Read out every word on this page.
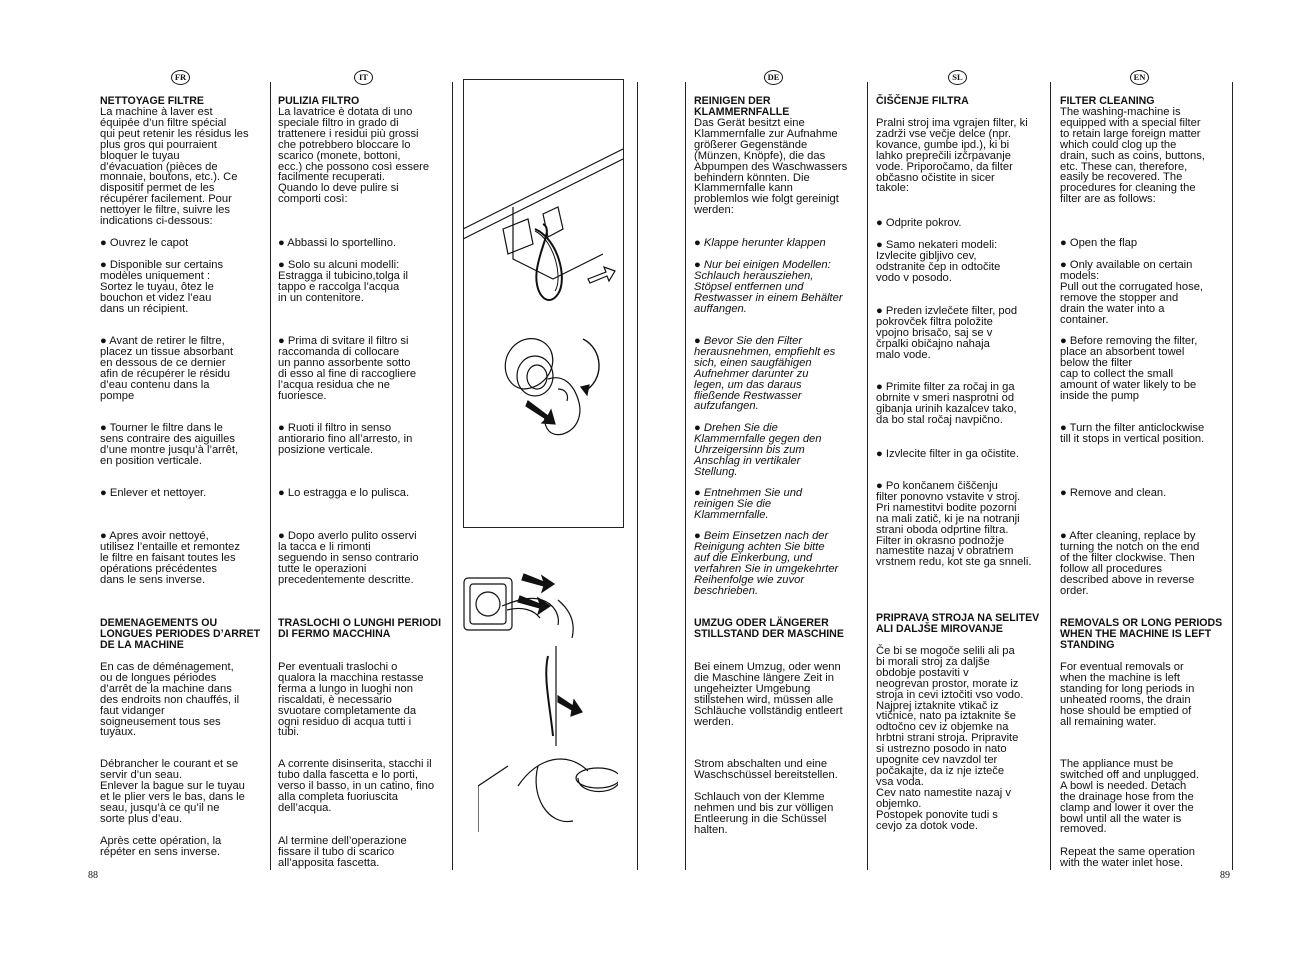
FR	IT	DE	SL	EN

NETTOYAGE FILTRE

La machine à laver est
équipée d’un filtre spécial
qui peut retenir les résidus les
plus gros qui pourraient
bloquer le tuyau
d’évacuation (pièces de
monnaie, boutons, etc.). Ce
dispositif permet de les
récupérer facilement. Pour
nettoyer le filtre, suivre les
indications ci-dessous:

● Ouvrez le capot

● Disponible sur certains
modèles uniquement :
Sortez le tuyau, ôtez le
bouchon et videz l’eau
dans un récipient.

● Avant de retirer le filtre,
placez un tissue absorbant
en dessous de ce dernier
afin de récupérer le résidu
d’eau contenu dans la
pompe

● Tourner le filtre dans le
sens contraire des aiguilles
d’une montre jusqu’à l’arrêt,
en position verticale.

● Enlever et nettoyer.

● Apres avoir nettoyé,
utilisez l’entaille et remontez
le filtre en faisant toutes les
opérations précédentes
dans le sens inverse.

DEMENAGEMENTS OU
LONGUES PERIODES D’ARRET
DE LA MACHINE

En cas de déménagement,
ou de longues périodes
d’arrêt de la machine dans
des endroits non chauffés, il
faut vidanger
soigneusement tous ses
tuyaux.

Débrancher le courant et se
servir d’un seau.
Enlever la bague sur le tuyau
et le plier vers le bas, dans le
seau, jusqu’à ce qu’il ne
sorte plus d’eau.

Après cette opération, la
répéter en sens inverse.

PULIZIA FILTRO

La lavatrice è dotata di uno
speciale filtro in grado di
trattenere i residui più grossi
che potrebbero bloccare lo
scarico (monete, bottoni,
ecc.) che possono così essere
facilmente recuperati.
Quando lo deve pulire si
comporti così:

● Abbassi lo sportellino.

● Solo su alcuni modelli:
Estragga il tubicino,tolga il
tappo e raccolga l’acqua
in un contenitore.

● Prima di svitare il filtro si
raccomanda di collocare
un panno assorbente sotto
di esso al fine di raccogliere
l’acqua residua che ne
fuoriesce.

● Ruoti il filtro in senso
antiorario fino all’arresto, in
posizione verticale.

● Lo estragga e lo pulisca.

● Dopo averlo pulito osservi
la tacca e li rimonti
seguendo in senso contrario
tutte le operazioni
precedentemente descritte.

TRASLOCHI O LUNGHI PERIODI
DI FERMO MACCHINA

Per eventuali traslochi o
qualora la macchina restasse
ferma a lungo in luoghi non
riscaldati, è necessario
svuotare completamente da
ogni residuo di acqua tutti i
tubi.

A corrente disinserita, stacchi il
tubo dalla fascetta e lo porti,
verso il basso, in un catino, fino
alla completa fuoriuscita
dell’acqua.

Al termine dell’operazione
fissare il tubo di scarico
all’apposita fascetta.

REINIGEN DER
KLAMMERNFALLE

Das Gerät besitzt eine
Klammernfalle zur Aufnahme
größerer Gegenstände
(Münzen, Knöpfe), die das
Abpumpen des Waschwassers
behindern könnten. Die
Klammernfalle kann
problemlos wie folgt gereinigt
werden:

● Klappe herunter klappen

● Nur bei einigen Modellen:
Schlauch herausziehen,
Stöpsel entfernen und
Restwasser in einem Behälter
auffangen.

● Bevor Sie den Filter
herausnehmen, empfiehlt es
sich, einen saugfähigen
Aufnehmer darunter zu
legen, um das daraus
fließende Restwasser
aufzufangen.

● Drehen Sie die
Klammernfalle gegen den
Uhrzeigersinn bis zum
Anschlag in vertikaler
Stellung.

● Entnehmen Sie und
reinigen Sie die
Klammernfalle.

● Beim Einsetzen nach der
Reinigung achten Sie bitte
auf die Einkerbung, und
verfahren Sie in umgekehrter
Reihenfolge wie zuvor
beschrieben.

UMZUG ODER LÄNGERER
STILLSTAND DER MASCHINE

Bei einem Umzug, oder wenn
die Maschine längere Zeit in
ungeheizter Umgebung
stillstehen wird, müssen alle
Schläuche vollständig entleert
werden.

Strom abschalten und eine
Waschschüssel bereitstellen.

Schlauch von der Klemme
nehmen und bis zur völligen
Entleerung in die Schüssel
halten.

ČIŠČENJE FILTRA

Pralni stroj ima vgrajen filter, ki
zadrži vse večje delce (npr.
kovance, gumbe ipd.), ki bi
lahko preprečili izčrpavanje
vode. Priporočamo, da filter
občasno očistite in sicer
takole:

● Odprite pokrov.

● Samo nekateri modeli:
Izvlecite gibljivo cev,
odstranite čep in odtočite
vodo v posodo.

● Preden izvlečete filter, pod
pokrovček filtra položite
vpojno brisačo, saj se v
črpalki običajno nahaja
malo vode.

● Primite filter za ročaj in ga
obrnite v smeri nasprotni od
gibanja urinih kazalcev tako,
da bo stal ročaj navpično.

● Izvlecite filter in ga očistite.

● Po končanem čiščenju
filter ponovno vstavite v stroj.
Pri namestitvi bodite pozorni
na mali zatič, ki je na notranji
strani oboda odprtine filtra.
Filter in okrasno podnožje
namestite nazaj v obratnem
vrstnem redu, kot ste ga snneli.

PRIPRAVA STROJA NA SELITEV
ALI DALJŠE MIROVANJE

Če bi se mogoče selili ali pa
bi morali stroj za daljše
obdobje postaviti v
neogrevan prostor, morate iz
stroja in cevi iztočiti vso vodo.
Najprej iztaknite vtikač iz
vtičnice, nato pa iztaknite še
odtočno cev iz objemke na
hrbtni strani stroja. Pripravite
si ustrezno posodo in nato
upognite cev navzdol ter
počakajte, da iz nje izteče
vsa voda.
Cev nato namestite nazaj v
objemko.
Postopek ponovite tudi s
cevjo za dotok vode.

FILTER CLEANING

The washing-machine is
equipped with a special filter
to retain large foreign matter
which could clog up the
drain, such as coins, buttons,
etc. These can, therefore,
easily be recovered. The
procedures for cleaning the
filter are as follows:

● Open the flap

● Only available on certain
models:
Pull out the corrugated hose,
remove the stopper and
drain the water into a
container.

● Before removing the filter,
place an absorbent towel
below the filter
cap to collect the small
amount of water likely to be
inside the pump

● Turn the filter anticlockwise
till it stops in vertical position.

● Remove and clean.

● After cleaning, replace by
turning the notch on the end
of the filter clockwise. Then
follow all procedures
described above in reverse
order.

REMOVALS OR LONG PERIODS
WHEN THE MACHINE IS LEFT
STANDING

For eventual removals or
when the machine is left
standing for long periods in
unheated rooms, the drain
hose should be emptied of
all remaining water.

The appliance must be
switched off and unplugged.
A bowl is needed. Detach
the drainage hose from the
clamp and lower it over the
bowl until all the water is
removed.

Repeat the same operation
with the water inlet hose.

88	89
